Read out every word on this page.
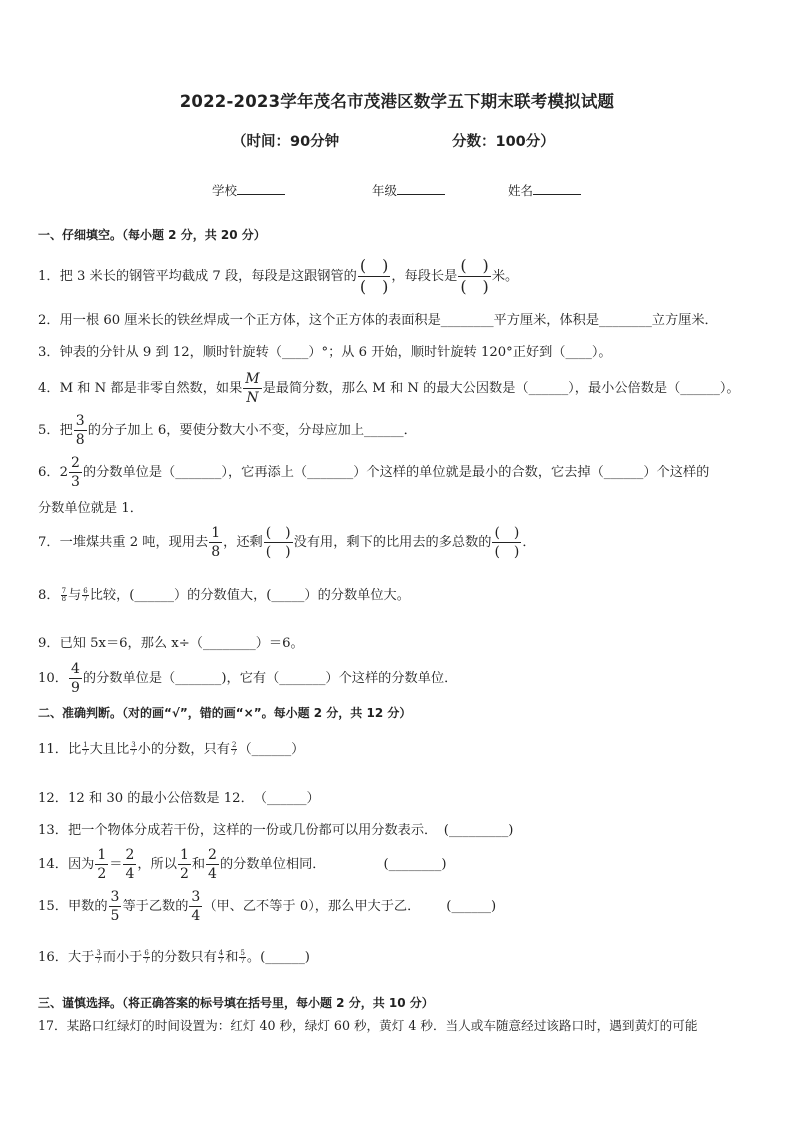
2022-2023学年茂名市茂港区数学五下期末联考模拟试题
（时间：90分钟	分数：100分）
学校	年级	姓名
一、仔细填空。（每小题 2 分，共 20 分）
1．把 3 米长的钢管平均截成 7 段，每段是这跟钢管的 $\frac{( )}{( )}$ ，每段长是 $\frac{( )}{( )}$ 米。
2．用一根 60 厘米长的铁丝焊成一个正方体，这个正方体的表面积是________平方厘米，体积是________立方厘米．
3．钟表的分针从 9 到 12，顺时针旋转（____）°；从 6 开始，顺时针旋转 120°正好到（____）。
4．M 和 N 都是非零自然数，如果 $\frac{M}{N}$ 是最简分数，那么 M 和 N 的最大公因数是（______），最小公倍数是（______）。
5．把 $\frac{3}{8}$ 的分子加上 6，要使分数大小不变，分母应加上______．
6．$2 \frac{2}{3}$ 的分数单位是（_______），它再添上（_______）个这样的单位就是最小的合数，它去掉（______）个这样的
分数单位就是 1．
7．一堆煤共重 2 吨，现用去 $\frac{1}{8}$ ，还剩 $\frac{( )}{( )}$ 没有用，剩下的比用去的多总数的 $\frac{( )}{( )}$ ．
8． $\frac{7}{8}$ 与 $\frac{6}{7}$ 比较，(______）的分数值大，(_____）的分数单位大。
9．已知 5x＝6，那么 x÷（________）＝6。
10． $\frac{4}{9}$ 的分数单位是（_______)，它有（_______）个这样的分数单位．
二、准确判断。（对的画“√”，错的画“×”。每小题 2 分，共 12 分）
11．比 $\frac{1}{7}$ 大且比 $\frac{3}{7}$ 小的分数，只有 $\frac{2}{7}$ （______）
12．12 和 30 的最小公倍数是 12．　（______）
13．把一个物体分成若干份，这样的一份或几份都可以用分数表示．　(_________)
14．因为 $\frac{1}{2} = \frac{2}{4}$ ，所以 $\frac{1}{2}$ 和 $\frac{2}{4}$ 的分数单位相同．	(________)
15．甲数的 $\frac{3}{5}$ 等于乙数的 $\frac{3}{4}$ （甲、乙不等于 0），那么甲大于乙． (______)
16．大于 $\frac{3}{7}$ 而小于 $\frac{6}{7}$ 的分数只有 $\frac{4}{7}$ 和 $\frac{5}{7}$ 。(______)
三、谨慎选择。（将正确答案的标号填在括号里，每小题 2 分，共 10 分）
17．某路口红绿灯的时间设置为：红灯 40 秒，绿灯 60 秒，黄灯 4 秒．当人或车随意经过该路口时，遇到黄灯的可能
